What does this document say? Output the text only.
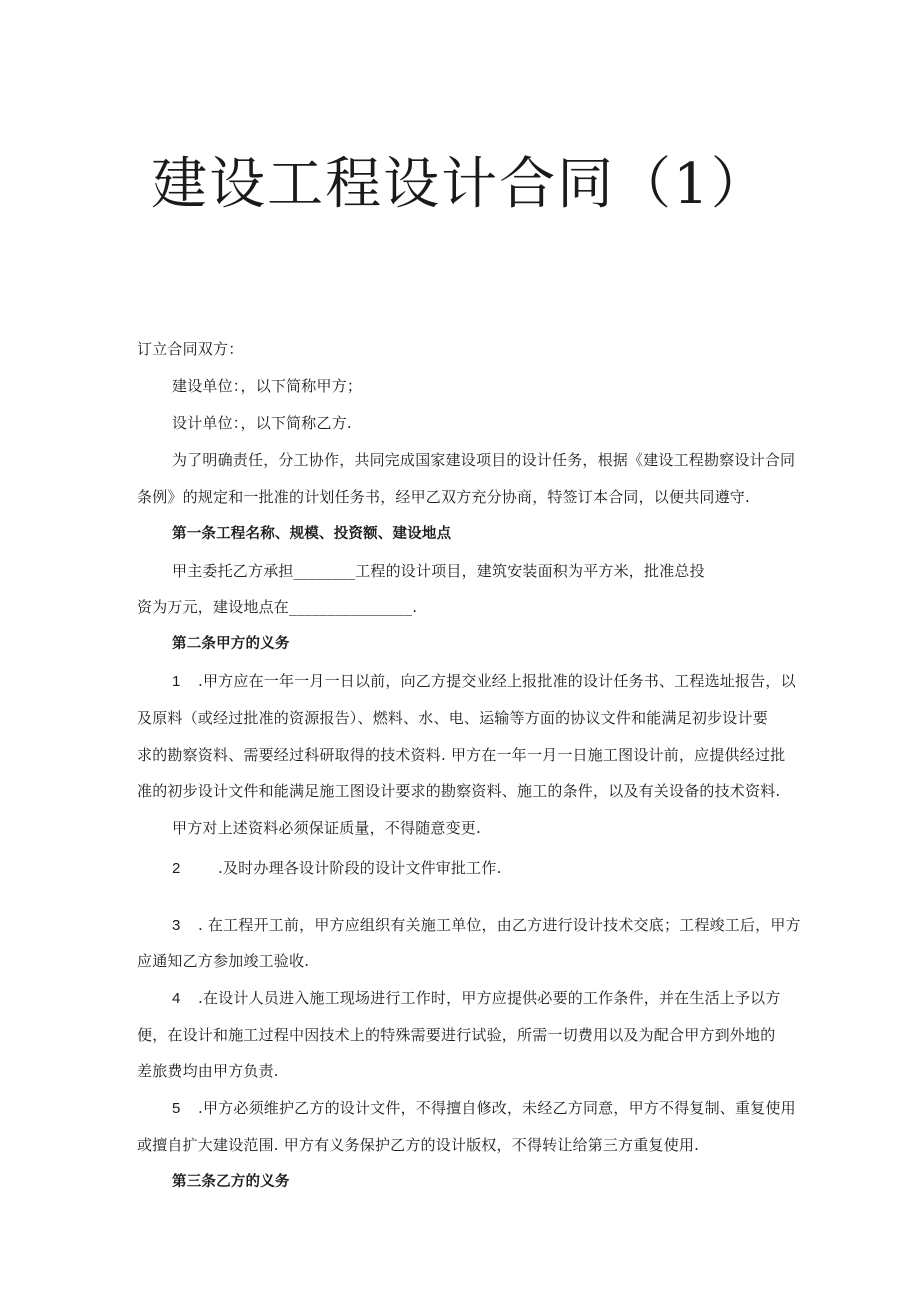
建设工程设计合同（1）
订立合同双方：
建设单位：，以下简称甲方；
设计单位：，以下简称乙方.
为了明确责任，分工协作，共同完成国家建设项目的设计任务，根据《建设工程勘察设计合同
条例》的规定和一批准的计划任务书，经甲乙双方充分协商，特签订本合同，以便共同遵守.
第一条工程名称、规模、投资额、建设地点
甲主委托乙方承担________工程的设计项目，建筑安装面积为平方米，批准总投
资为万元，建设地点在________________.
第二条甲方的义务
1 .甲方应在一年一月一日以前，向乙方提交业经上报批准的设计任务书、工程选址报告，以
及原料（或经过批准的资源报告）、燃料、水、电、运输等方面的协议文件和能满足初步设计要
求的勘察资料、需要经过科研取得的技术资料. 甲方在一年一月一日施工图设计前，应提供经过批
准的初步设计文件和能满足施工图设计要求的勘察资料、施工的条件，以及有关设备的技术资料.
甲方对上述资料必须保证质量，不得随意变更.
2 .及时办理各设计阶段的设计文件审批工作.
3 . 在工程开工前，甲方应组织有关施工单位，由乙方进行设计技术交底；工程竣工后，甲方
应通知乙方参加竣工验收.
4 .在设计人员进入施工现场进行工作时，甲方应提供必要的工作条件，并在生活上予以方
便，在设计和施工过程中因技术上的特殊需要进行试验，所需一切费用以及为配合甲方到外地的
差旅费均由甲方负责.
5 .甲方必须维护乙方的设计文件，不得擅自修改，未经乙方同意，甲方不得复制、重复使用
或擅自扩大建设范围. 甲方有义务保护乙方的设计版权，不得转让给第三方重复使用.
第三条乙方的义务
